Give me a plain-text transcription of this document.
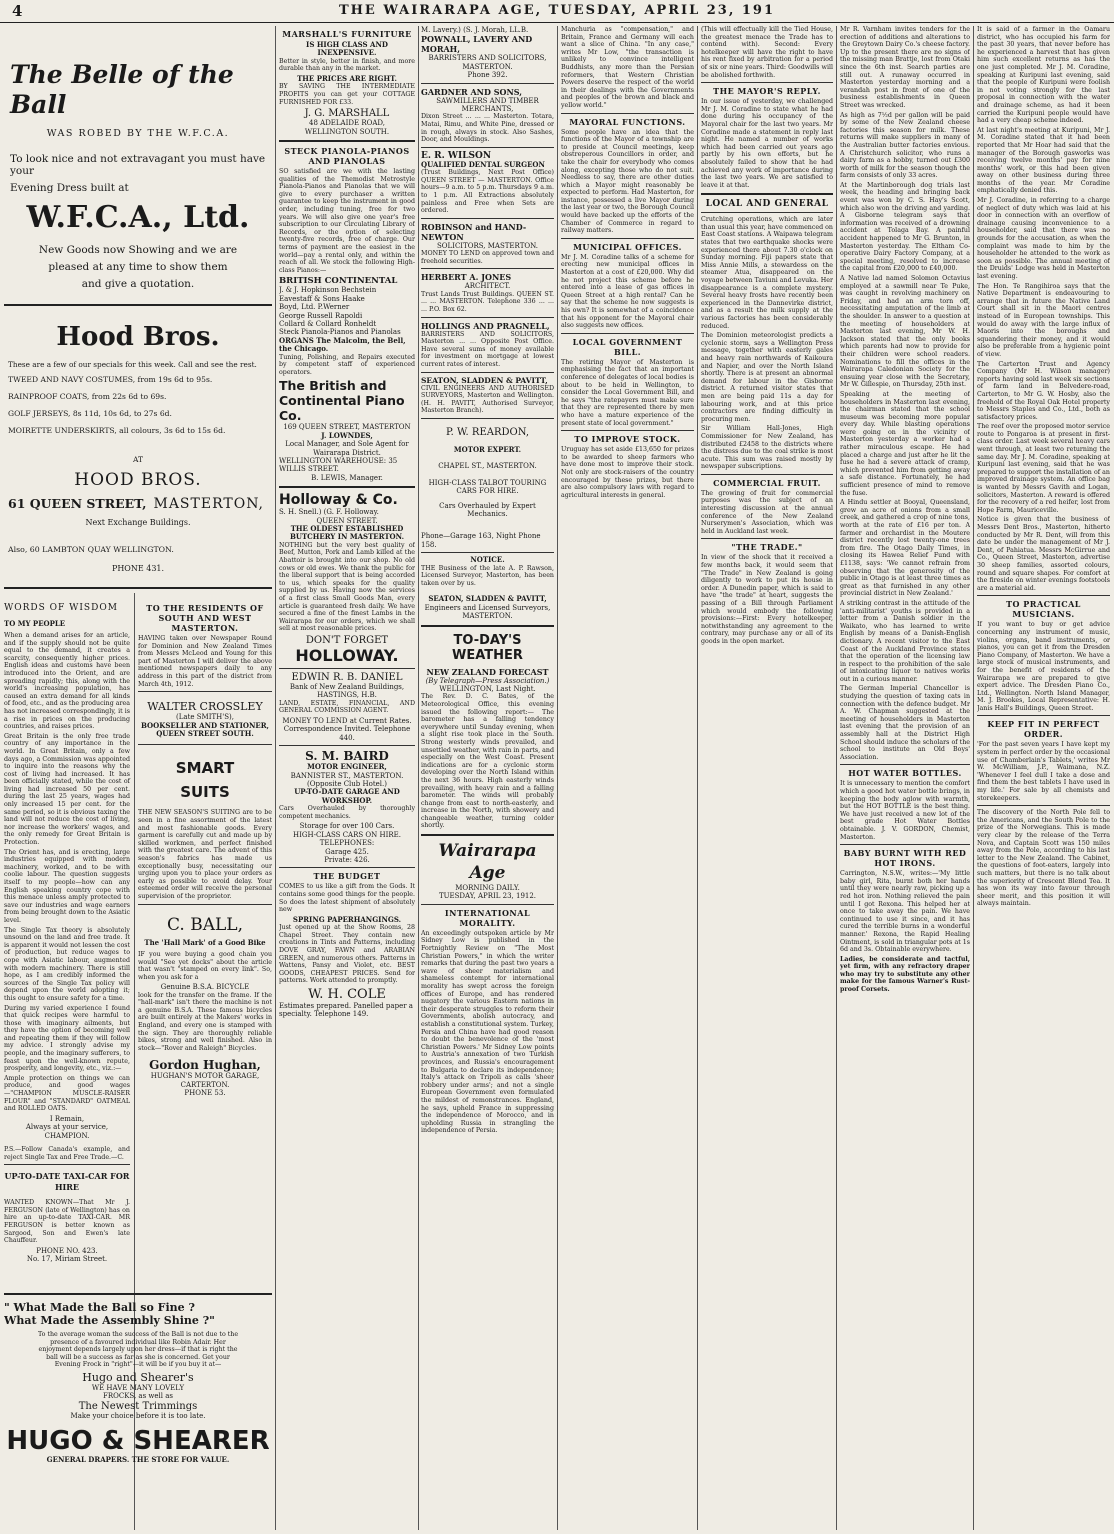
4	THE WAIRARAPA AGE, TUESDAY, APRIL 23, 191
The Belle of the Ball
WAS ROBED BY THE W.F.C.A.
To look nice and not extravagant you must have your
Evening Dress built at
W.F.C.A., Ltd.
New Goods now Showing and we are
pleased at any time to show them
and give a quotation.
Hood Bros.
These are a few of our specials for this week. Call and see the rest.
TWEED AND NAVY COSTUMES, from 19s 6d to 95s.
RAINPROOF COATS, from 22s 6d to 69s.
GOLF JERSEYS, 8s 11d, 10s 6d, to 27s 6d.
MOIRETTE UNDERSKIRTS, all colours, 3s 6d to 15s 6d.
AT
HOOD BROS.
61 QUEEN STREET, MASTERTON,
Next Exchange Buildings.
Also, 60 LAMBTON QUAY WELLINGTON.
PHONE 431.
WORDS OF WISDOM
TO MY PEOPLE

When a demand arises for an article, and if the supply should not be quite equal to the demand, it creates a scarcity, consequently higher prices. English ideas and customs have been introduced into the Orient, and are spreading rapidly; this, along with the world's increasing population, has caused an extra demand for all kinds of food, etc., and as the producing area has not increased correspondingly, it is a rise in prices on the producing countries, and raises prices.

Great Britain is the only free trade country of any importance in the world. In Great Britain, only a few days ago, a Commission was appointed to inquire into the reasons why the cost of living had increased. It has been officially stated, while the cost of living had increased 50 per cent. during the last 25 years, wages had only increased 15 per cent. for the same period, so it is obvious taxing the land will not reduce the cost of living, nor increase the workers' wages, and the only remedy for Great Britain is Protection.

The Orient has, and is erecting, large industries equipped with modern machinery, worked, and to be with coolie labour. The question suggests itself to my people—how can any English speaking country cope with this menace unless amply protected to save our industries and wage earners from being brought down to the Asiatic level.

The Single Tax theory is absolutely unsound on the land and free trade. It is apparent it would not lessen the cost of production, but reduce wages to cope with Asiatic labour, augmented with modern machinery. There is still hope, as I am credibly informed the sources of the Single Tax policy will depend upon the world adopting it; this ought to ensure safety for a time.

During my varied experience I found that quick recipes were harmful to those with imaginary ailments, but they have the option of becoming well and repeating them if they will follow my advice. I strongly advise my people, and the imaginary sufferers, to feast upon the well-known repute, prosperity, and longevity, etc., viz.:—

Ample protection on things we can produce, and good wages—"CHAMPION MUSCLE-RAISER FLOUR" and "STANDARD" OATMEAL and ROLLED OATS.

I Remain,
Always at your service,
CHAMPION.

P.S.—Follow Canada's example, and reject Single Tax and Free Trade.—C.

UP-TO-DATE TAXI-CAR FOR HIRE

WANTED KNOWN—That Mr J. FERGUSON (late of Wellington) has on hire an up-to-date TAXI-CAR. MR FERGUSON is better known as Sargood, Son and Ewen's late Chauffeur.

PHONE NO. 423.
No. 17, Miriam Street.
TO THE RESIDENTS OF SOUTH AND WEST MASTERTON.

HAVING taken over Newspaper Round for Dominion and New Zealand Times from Messrs McLeod and Young for this part of Masterton I will deliver the above mentioned newspapers daily to any address in this part of the district from March 4th, 1912.

WALTER CROSSLEY
(Late SMITH'S),
BOOKSELLER AND STATIONER, QUEEN STREET SOUTH.
SMART
SUITS

THE NEW SEASON'S SUITING are to be seen in a fine assortment of the latest and most fashionable goods. Every garment is carefully cut and made up by skilled workmen, and perfect finished with the greatest care. The advent of this season's fabrics has made us exceptionally busy, necessitating our urging upon you to place your orders as early as possible to avoid delay. Your esteemed order will receive the personal supervision of the proprietor.

C. BALL,
The 'Hall Mark' of a Good Bike

IF you were buying a good chain you would "See yet docks" about the article that wasn't "stamped on every link". So, when you ask for a

Genuine B.S.A. BICYCLE

look for the transfer on the frame. If the "hall-mark" isn't there the machine is not a genuine B.S.A. These famous bicycles are built entirely at the Makers' works in England, and every one is stamped with the sign. They are thoroughly reliable bikes, strong and well finished. Also in stock—"Rover and Raleigh" Bicycles.

Gordon Hughan,
HUGHAN'S MOTOR GARAGE,
CARTERTON.
PHONE 53.
" What Made the Ball so Fine ?
What Made the Assembly Shine ?"

To the average woman the success of the Ball is not due to the presence of a favoured individual like Robin Adair. Her enjoyment depends largely upon her dress—if that is right the ball will be a success as far as she is concerned. Get your Evening Frock in "right"—it will be if you buy it at—

Hugo and Shearer's
WE HAVE MANY LOVELY
FROCKS, as well as
The Newest Trimmings
Make your choice before it is too late.
HUGO & SHEARER
GENERAL DRAPERS. THE STORE FOR VALUE.
MARSHALL'S FURNITURE
IS HIGH CLASS AND INEXPENSIVE.

Better in style, better in finish, and more durable than any in the market.

THE PRICES ARE RIGHT.

BY SAVING THE INTERMEDIATE PROFITS you can get your COTTAGE FURNISHED FOR £33.

J. G. MARSHALL
48 ADELAIDE ROAD,
WELLINGTON SOUTH.
STECK PIANOLA-PIANOS AND PIANOLAS

SO satisfied are we with the lasting qualities of the Themodist Metrostyle Pianola-Pianos and Pianolas that we will give to every purchaser a written guarantee to keep the instrument in good order, including tuning, free for two years. We will also give one year's free subscription to our Circulating Library of Records, or the option of selecting twenty-five records, free of charge. Our terms of payment are the easiest in the world—pay a rental only, and within the reach of all. We stock the following High-class Pianos:—

BRITISH CONTINENTAL
J. & J. Hopkinson Bechstein
Eavestaff & Sons Haake
Boyd, Ltd. P.Werner
George Russell Rapoldi
Collard & Collard Ronheldt
Steck Pianola-Pianos and Pianolas
ORGANS The Malcolm, the Bell, the Chicago.

Tuning, Polishing, and Repairs executed by competent staff of experienced operators.

The British and Continental Piano Co.
169 QUEEN STREET, MASTERTON
J. LOWNDES,
Local Manager, and Sole Agent for Wairarapa District.
WELLINGTON WAREHOUSE: 35 WILLIS STREET.
B. LEWIS, Manager.
Holloway & Co.
S. H. Snell.) (G. F. Holloway.
QUEEN STREET.
THE OLDEST ESTABLISHED BUTCHERY IN MASTERTON.

NOTHING but the very best quality of Beef, Mutton, Pork and Lamb killed at the Abattoir is brought into our shop. No old cows or old ewes. We thank the public for the liberal support that is being accorded to us, which speaks for the quality supplied by us. Having now the services of a first class Small Goods Man, every article is guaranteed fresh daily. We have secured a fine of the finest Lambs in the Wairarapa for our orders, which we shall sell at most reasonable prices.

DON'T FORGET
HOLLOWAY.
EDWIN R. B. DANIEL
Bank of New Zealand Buildings,
HASTINGS, H.B.

LAND, ESTATE, FINANCIAL, AND GENERAL COMMISSION AGENT.

MONEY TO LEND at Current Rates.
Correspondence Invited. Telephone 440.
S. M. BAIRD
MOTOR ENGINEER,
BANNISTER ST., MASTERTON. (Opposite Club Hotel.)
UP-TO-DATE GARAGE AND WORKSHOP.

Cars Overhauled by thoroughly competent mechanics.

Storage for over 100 Cars.
HIGH-CLASS CARS ON HIRE.
TELEPHONES:
Garage 425.
Private: 426.
THE BUDGET

COMES to us like a gift from the Gods. It contains some good things for the people. So does the latest shipment of absolutely new

SPRING PAPERHANGINGS.

Just opened up at the Show Rooms, 28 Chapel Street. They contain new creations in Tints and Patterns, including DOVE GRAY, FAWN and ARABIAN GREEN, and numerous others. Patterns in Wattens, Pansy and Violet, etc. BEST GOODS, CHEAPEST PRICES. Send for patterns. Work attended to promptly.

W. H. COLE
Estimates prepared. Panelled paper a specialty. Telephone 149.
M. Lavery.) (S. J. Morah, LL.B.
POWNALL, LAVERY AND MORAH,
BARRISTERS AND SOLICITORS, MASTERTON.
Phone 392.
GARDNER AND SONS,
SAWMILLERS AND TIMBER MERCHANTS,

Dixon Street ... ... ... Masterton. Totara, Matai, Rimu, and White Pine, dressed or in rough, always in stock. Also Sashes, Door, and Mouldings.

E. R. WILSON
QUALIFIED DENTAL SURGEON

(Trust Buildings, Next Post Office) QUEEN STREET — MASTERTON. Office hours—9 a.m. to 5 p.m. Thursdays 9 a.m. to 1 p.m. All Extractions absolutely painless and Free when Sets are ordered.

ROBINSON and HAND-NEWTON
SOLICITORS, MASTERTON.

MONEY TO LEND on approved town and freehold securities.

HERBERT A. JONES
ARCHITECT.

Trust Lands Trust Buildings. QUEEN ST. ... ... MASTERTON. Telephone 336 ... ... ... P.O. Box 62.

HOLLINGS AND PRAGNELL,

BARRISTERS AND SOLICITORS, Masterton ... ... Opposite Post Office. Have several sums of money available for investment on mortgage at lowest current rates of interest.

SEATON, SLADDEN & PAVITT,

CIVIL ENGINEERS AND AUTHORISED SURVEYORS, Masterton and Wellington. (H. H. PAVITT, Authorised Surveyor, Masterton Branch).

P. W. REARDON,
MOTOR EXPERT.
CHAPEL ST., MASTERTON.
HIGH-CLASS TALBOT TOURING CARS FOR HIRE.
Cars Overhauled by Expert Mechanics.
Phone—Garage 163, Night Phone 158.
NOTICE.

THE Business of the late A. P. Rawson, Licensed Surveyor, Masterton, has been taken over by us.

SEATON, SLADDEN & PAVITT,
Engineers and Licensed Surveyors, MASTERTON.
TO-DAY'S WEATHER
NEW ZEALAND FORECAST
(By Telegraph—Press Association.)
WELLINGTON, Last Night.

The Rev. D. C. Bates, of the Meteorological Office, this evening issued the following report:— The barometer has a falling tendency everywhere until Sunday evening, when a slight rise took place in the South. Strong westerly winds prevailed, and unsettled weather, with rain in parts, and especially on the West Coast. Present indications are for a cyclonic storm developing over the North Island within the next 36 hours. High easterly winds prevailing, with heavy rain and a falling barometer. The winds will probably change from east to north-easterly, and increase in the North, with showery and changeable weather, turning colder shortly.

Wairarapa Age
MORNING DAILY.
TUESDAY, APRIL 23, 1912.
INTERNATIONAL MORALITY.

An exceedingly outspoken article by Mr Sidney Low is published in the Fortnightly Review on "The Most Christian Powers," in which the writer remarks that during the past two years a wave of sheer materialism and shameless contempt for international morality has swept across the foreign offices of Europe, and has rendered nugatory the various Eastern nations in their desperate struggles to reform their Governments, abolish autocracy, and establish a constitutional system. Turkey, Persia and China have had good reason to doubt the benevolence of the 'most Christian Powers.' Mr Sidney Low points to Austria's annexation of two Turkish provinces, and Russia's encouragement to Bulgaria to declare its independence; Italy's attack on Tripoli as calls 'sheer robbery under arms'; and not a single European Government even formulated the mildest of remonstrances. England, he says, upheld France in suppressing the independence of Morocco, and in upholding Russia in strangling the independence of Persia.

Manchuria as "compensation," and Britain, France and Germany will each want a slice of China. "In any case," writes Mr Low, "the transaction is unlikely to convince intelligent Buddhists, any more than the Persian reformers, that Western Christian Powers deserve the respect of the world in their dealings with the Governments and peoples of the brown and black and yellow world."

MAYORAL FUNCTIONS.

Some people have an idea that the functions of the Mayor of a township are to preside at Council meetings, keep obstreperous Councillors in order, and take the chair for everybody who comes along, excepting those who do not suit. Needless to say, there are other duties which a Mayor might reasonably be expected to perform. Had Masterton, for instance, possessed a live Mayor during the last year or two, the Borough Council would have backed up the efforts of the Chamber of Commerce in regard to railway matters.

MUNICIPAL OFFICES.

Mr J. M. Coradine talks of a scheme for erecting new municipal offices in Masterton at a cost of £20,000. Why did he not project this scheme before he entered into a lease of gas offices in Queen Street at a high rental? Can he say that the scheme he now suggests is his own? It is somewhat of a coincidence that his opponent for the Mayoral chair also suggests new offices.

LOCAL GOVERNMENT BILL.

The retiring Mayor of Masterton is emphasising the fact that an important conference of delegates of local bodies is about to be held in Wellington, to consider the Local Government Bill, and he says "the ratepayers must make sure that they are represented there by men who have a mature experience of the present state of local government."

TO IMPROVE STOCK.

Uruguay has set aside £13,650 for prizes to be awarded to sheep farmers who have done most to improve their stock. Not only are stock-raisers of the country encouraged by these prizes, but there are also compulsory laws with regard to agricultural interests in general.

(This will effectually kill the Tied House, the greatest menace the Trade has to contend with). Second: Every hotelkeeper will have the right to have his rent fixed by arbitration for a period of six or nine years. Third: Goodwills will be abolished forthwith.

THE MAYOR'S REPLY.

In our issue of yesterday, we challenged Mr J. M. Coradine to state what he had done during his occupancy of the Mayoral chair for the last two years. Mr Coradine made a statement in reply last night. He named a number of works which had been carried out years ago partly by his own efforts, but he absolutely failed to show that he had achieved any work of importance during the last two years. We are satisfied to leave it at that.

LOCAL AND GENERAL

Crutching operations, which are later than usual this year, have commenced on East Coast stations. A Waipawa telegram states that two earthquake shocks were experienced there about 7.30 o'clock on Sunday morning. Fiji papers state that Miss Annie Mills, a stewardess on the steamer Atua, disappeared on the voyage between Taviuni and Levuka. Her disappearance is a complete mystery. Several heavy frosts have recently been experienced in the Dannevirke district, and as a result the milk supply at the various factories has been considerably reduced.

The Dominion meteorologist predicts a cyclonic storm, says a Wellington Press message, together with easterly gales and heavy rain northwards of Kaikoura and Napier, and over the North Island shortly. There is at present an abnormal demand for labour in the Gisborne district. A returned visitor states that men are being paid 11s a day for labouring work, and at this price contractors are finding difficulty in procuring men.

Sir William Hall-Jones, High Commissioner for New Zealand, has distributed £2458 to the districts where the distress due to the coal strike is most acute. This sum was raised mostly by newspaper subscriptions.

COMMERCIAL FRUIT.

The growing of fruit for commercial purposes was the subject of an interesting discussion at the annual conference of the New Zealand Nurserymen's Association, which was held in Auckland last week.

"THE TRADE."

In view of the shock that it received a few months back, it would seem that "The Trade" in New Zealand is going diligently to work to put its house in order. A Dunedin paper, which is said to have "the trade" at heart, suggests the passing of a Bill through Parliament which would embody the following provisions:—First: Every hotelkeeper, notwithstanding any agreement to the contrary, may purchase any or all of its goods in the open market.

Mr R. Varnham invites tenders for the erection of additions and alterations to the Greytown Dairy Co.'s cheese factory. Up to the present there are no signs of the missing man Brattje, lost from Otaki since the 6th inst. Search parties are still out. A runaway occurred in Masterton yesterday morning and a verandah post in front of one of the business establishments in Queen Street was wrecked.

As high as 7½d per gallon will be paid by some of the New Zealand cheese factories this season for milk. These returns will make suppliers in many of the Australian butter factories envious. A Christchurch solicitor, who runs a dairy farm as a hobby, turned out £300 worth of milk for the season though the farm consists of only 33 acres.

At the Martinborough dog trials last week, the heading and bringing back event was won by C. S. Hay's Scott, which also won the driving and yarding. A Gisborne telegram says that information was received of a drowning accident at Tolaga Bay. A painful accident happened to Mr G. Brunton, in Masterton yesterday. The Eltham Co-operative Dairy Factory Company, at a special meeting, resolved to increase the capital from £20,000 to £40,000.

A Native lad named Solomon Octavius employed at a sawmill near Te Puke, was caught in revolving machinery on Friday, and had an arm torn off, necessitating amputation of the limb at the shoulder. In answer to a question at the meeting of householders at Masterton last evening, Mr W. H. Jackson stated that the only books which parents had now to provide for their children were school readers. Nominations to fill the offices in the Wairarapa Caledonian Society for the ensuing year close with the Secretary, Mr W. Gillespie, on Thursday, 25th inst.

Speaking at the meeting of householders in Masterton last evening, the chairman stated that the school museum was becoming more popular every day. While blasting operations were going on in the vicinity of Masterton yesterday a worker had a rather miraculous escape. He had placed a charge and just after he lit the fuse he had a severe attack of cramp, which prevented him from getting away a safe distance. Fortunately, he had sufficient presence of mind to remove the fuse.

A Hindu settler at Booyal, Queensland, grew an acre of onions from a small creek, and gathered a crop of nine tons, worth at the rate of £16 per ton. A farmer and orchardist in the Moutere district recently lost twenty-one trees from fire. The Otago Daily Times, in closing its Hawea Relief Fund with £1138, says: 'We cannot refrain from observing that the generosity of the public in Otago is at least three times as great as that furnished in any other provincial district in New Zealand.'

A striking contrast in the attitude of the 'anti-militarist' youths is provided in a letter from a Danish soldier in the Waikato, who has learned to write English by means of a Danish-English dictionary. A recent visitor to the East Coast of the Auckland Province states that the operation of the licensing law in respect to the prohibition of the sale of intoxicating liquor to natives works out in a curious manner.

The German Imperial Chancellor is studying the question of taxing cats in connection with the defence budget. Mr A. W. Chapman suggested at the meeting of householders in Masterton last evening that the provision of an assembly hall at the District High School should induce the scholars of the school to institute an Old Boys' Association.

HOT WATER BOTTLES.

It is unnecessary to mention the comfort which a good hot water bottle brings, in keeping the body aglow with warmth, but the HOT BOTTLE is the best thing. We have just received a new lot of the best grade Hot Water Bottles obtainable. J. V. GORDON, Chemist, Masterton.

BABY BURNT WITH RED HOT IRONS.

Carrington, N.S.W., writes:—'My little baby girl, Rita, burnt both her hands until they were nearly raw, picking up a red hot iron. Nothing relieved the pain until I got Rexona. This helped her at once to take away the pain. We have continued to use it since, and it has cured the terrible burns in a wonderful manner.' Rexona, the Rapid Healing Ointment, is sold in triangular pots at 1s 6d and 3s. Obtainable everywhere.

Ladies, be considerate and tactful, yet firm, with any refractory draper who may try to substitute any other make for the famous Warner's Rust-proof Corsets.

It is said of a farmer in the Oamaru district, who has occupied his farm for the past 30 years, that never before has he experienced a harvest that has given him such excellent returns as has the one just completed. Mr J. M. Coradine, speaking at Kuripuni last evening, said that the people of Kuripuni were foolish in not voting strongly for the last proposal in connection with the water and drainage scheme, as had it been carried the Kuripuni people would have had a very cheap scheme indeed.

At last night's meeting at Kuripuni, Mr J. M. Coradine stated that it had been reported that Mr Hoar had said that the manager of the Borough gasworks was receiving twelve months' pay for nine months' work, or this had been given away on other business during three months of the year. Mr Coradine emphatically denied this.

Mr J. Coradine, in referring to a charge of neglect of duty which was laid at his door in connection with an overflow of drainage causing inconvenience to a householder, said that there was no grounds for the accusation, as when the complaint was made to him by the householder he attended to the work as soon as possible. The annual meeting of the Druids' Lodge was held in Masterton last evening.

The Hon. Te Rangihiroa says that the Native Department is endeavouring to arrange that in future the Native Land Court shall sit in the Maori centres instead of in European townships. This would do away with the large influx of Maoris into the boroughs and squandering their money, and it would also be preferable from a hygienic point of view.

The Carterton Trust and Agency Company (Mr H. Wilson manager) reports having sold last week six sections of farm land in Belvedere-road, Carterton, to Mr G. W. Hosby, also the freehold of the Royal Oak Hotel property to Messrs Staples and Co., Ltd., both as satisfactory prices.

The reef over the proposed motor service route to Pongaroa is at present in first-class order. Last week several heavy cars went through, at least two returning the same day. Mr J. M. Coradine, speaking at Kuripuni last evening, said that he was prepared to support the installation of an improved drainage system. An office bag is wanted by Messrs Gavith and Logan, solicitors, Masterton. A reward is offered for the recovery of a red heifer, lost from Hope Farm, Mauriceville.

Notice is given that the business of Messrs Dent Bros., Masterton, hitherto conducted by Mr R. Dent, will from this date be under the management of Mr J. Dent, of Pahiatua. Messrs McGirrue and Co., Queen Street, Masterton, advertise 30 sheep families, assorted colours, round and square shapes. For comfort at the fireside on winter evenings footstools are a material aid.

TO PRACTICAL MUSICIANS.

If you want to buy or get advice concerning any instrument of music, violins, organs, band instruments, or pianos, you can get it from the Dresden Piano Company, of Masterton. We have a large stock of musical instruments, and for the benefit of residents of the Wairarapa we are prepared to give expert advice. The Dresden Piano Co., Ltd., Wellington. North Island Manager, M. J. Brookes, Local Representative: H. Janis Hall's Buildings, Queen Street.

KEEP FIT IN PERFECT ORDER.

'For the past seven years I have kept my system in perfect order by the occasional use of Chamberlain's Tablets,' writes Mr W. McWilliam, J.P., Waimana, N.Z. 'Whenever I feel dull I take a dose and find them the best tablets I have used in my life.' For sale by all chemists and storekeepers.

The discovery of the North Pole fell to the Americans, and the South Pole to the prize of the Norwegians. This is made very clear by the release of the Terra Nova, and Captain Scott was 150 miles away from the Pole, according to his last letter to the New Zealand. The Cabinet, the questions of foot-eaters, largely into such matters, but there is no talk about the superiority of Crescent Blend Tea. It has won its way into favour through sheer merit, and this position it will always maintain.
